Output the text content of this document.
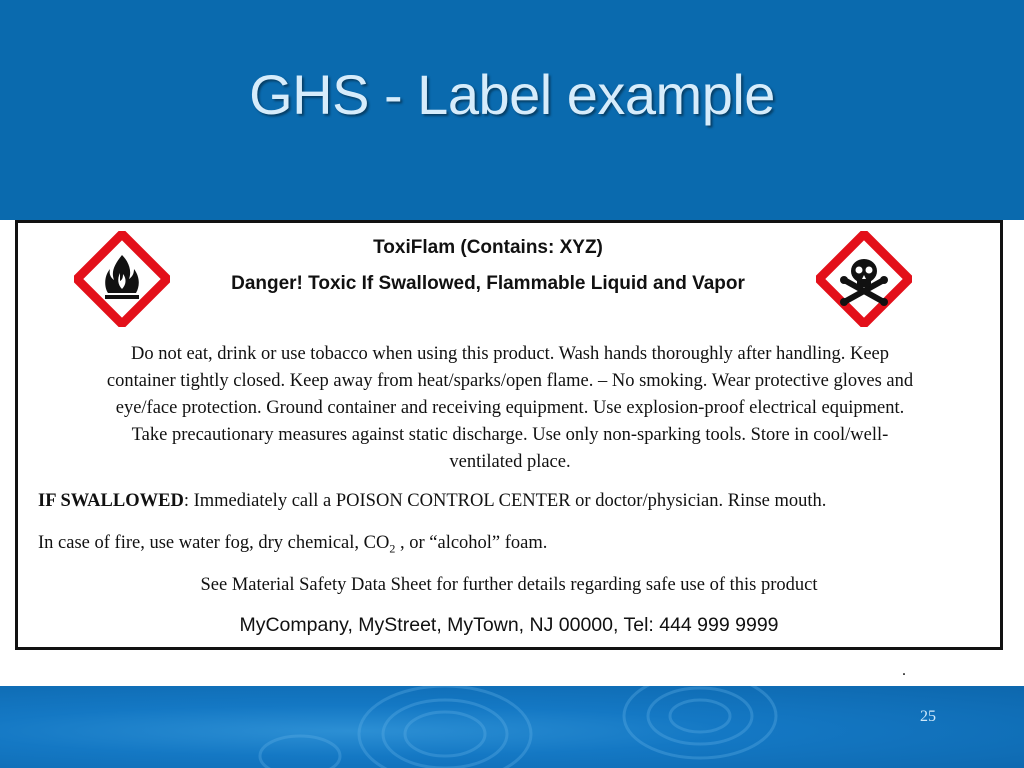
GHS - Label example
ToxiFlam (Contains: XYZ)
Danger! Toxic If Swallowed, Flammable Liquid and Vapor
Do not eat, drink or use tobacco when using this product. Wash hands thoroughly after handling. Keep
container tightly closed. Keep away from heat/sparks/open flame. – No smoking. Wear protective gloves and
eye/face protection. Ground container and receiving equipment. Use explosion-proof electrical equipment.
Take precautionary measures against static discharge. Use only non-sparking tools. Store in cool/well-
ventilated place.
IF SWALLOWED: Immediately call a POISON CONTROL CENTER or doctor/physician. Rinse mouth.
In case of fire, use water fog, dry chemical, $CO_2$ , or “alcohol” foam.
See Material Safety Data Sheet for further details regarding safe use of this product
MyCompany, MyStreet, MyTown, NJ 00000, Tel: 444 999 9999
.
25
